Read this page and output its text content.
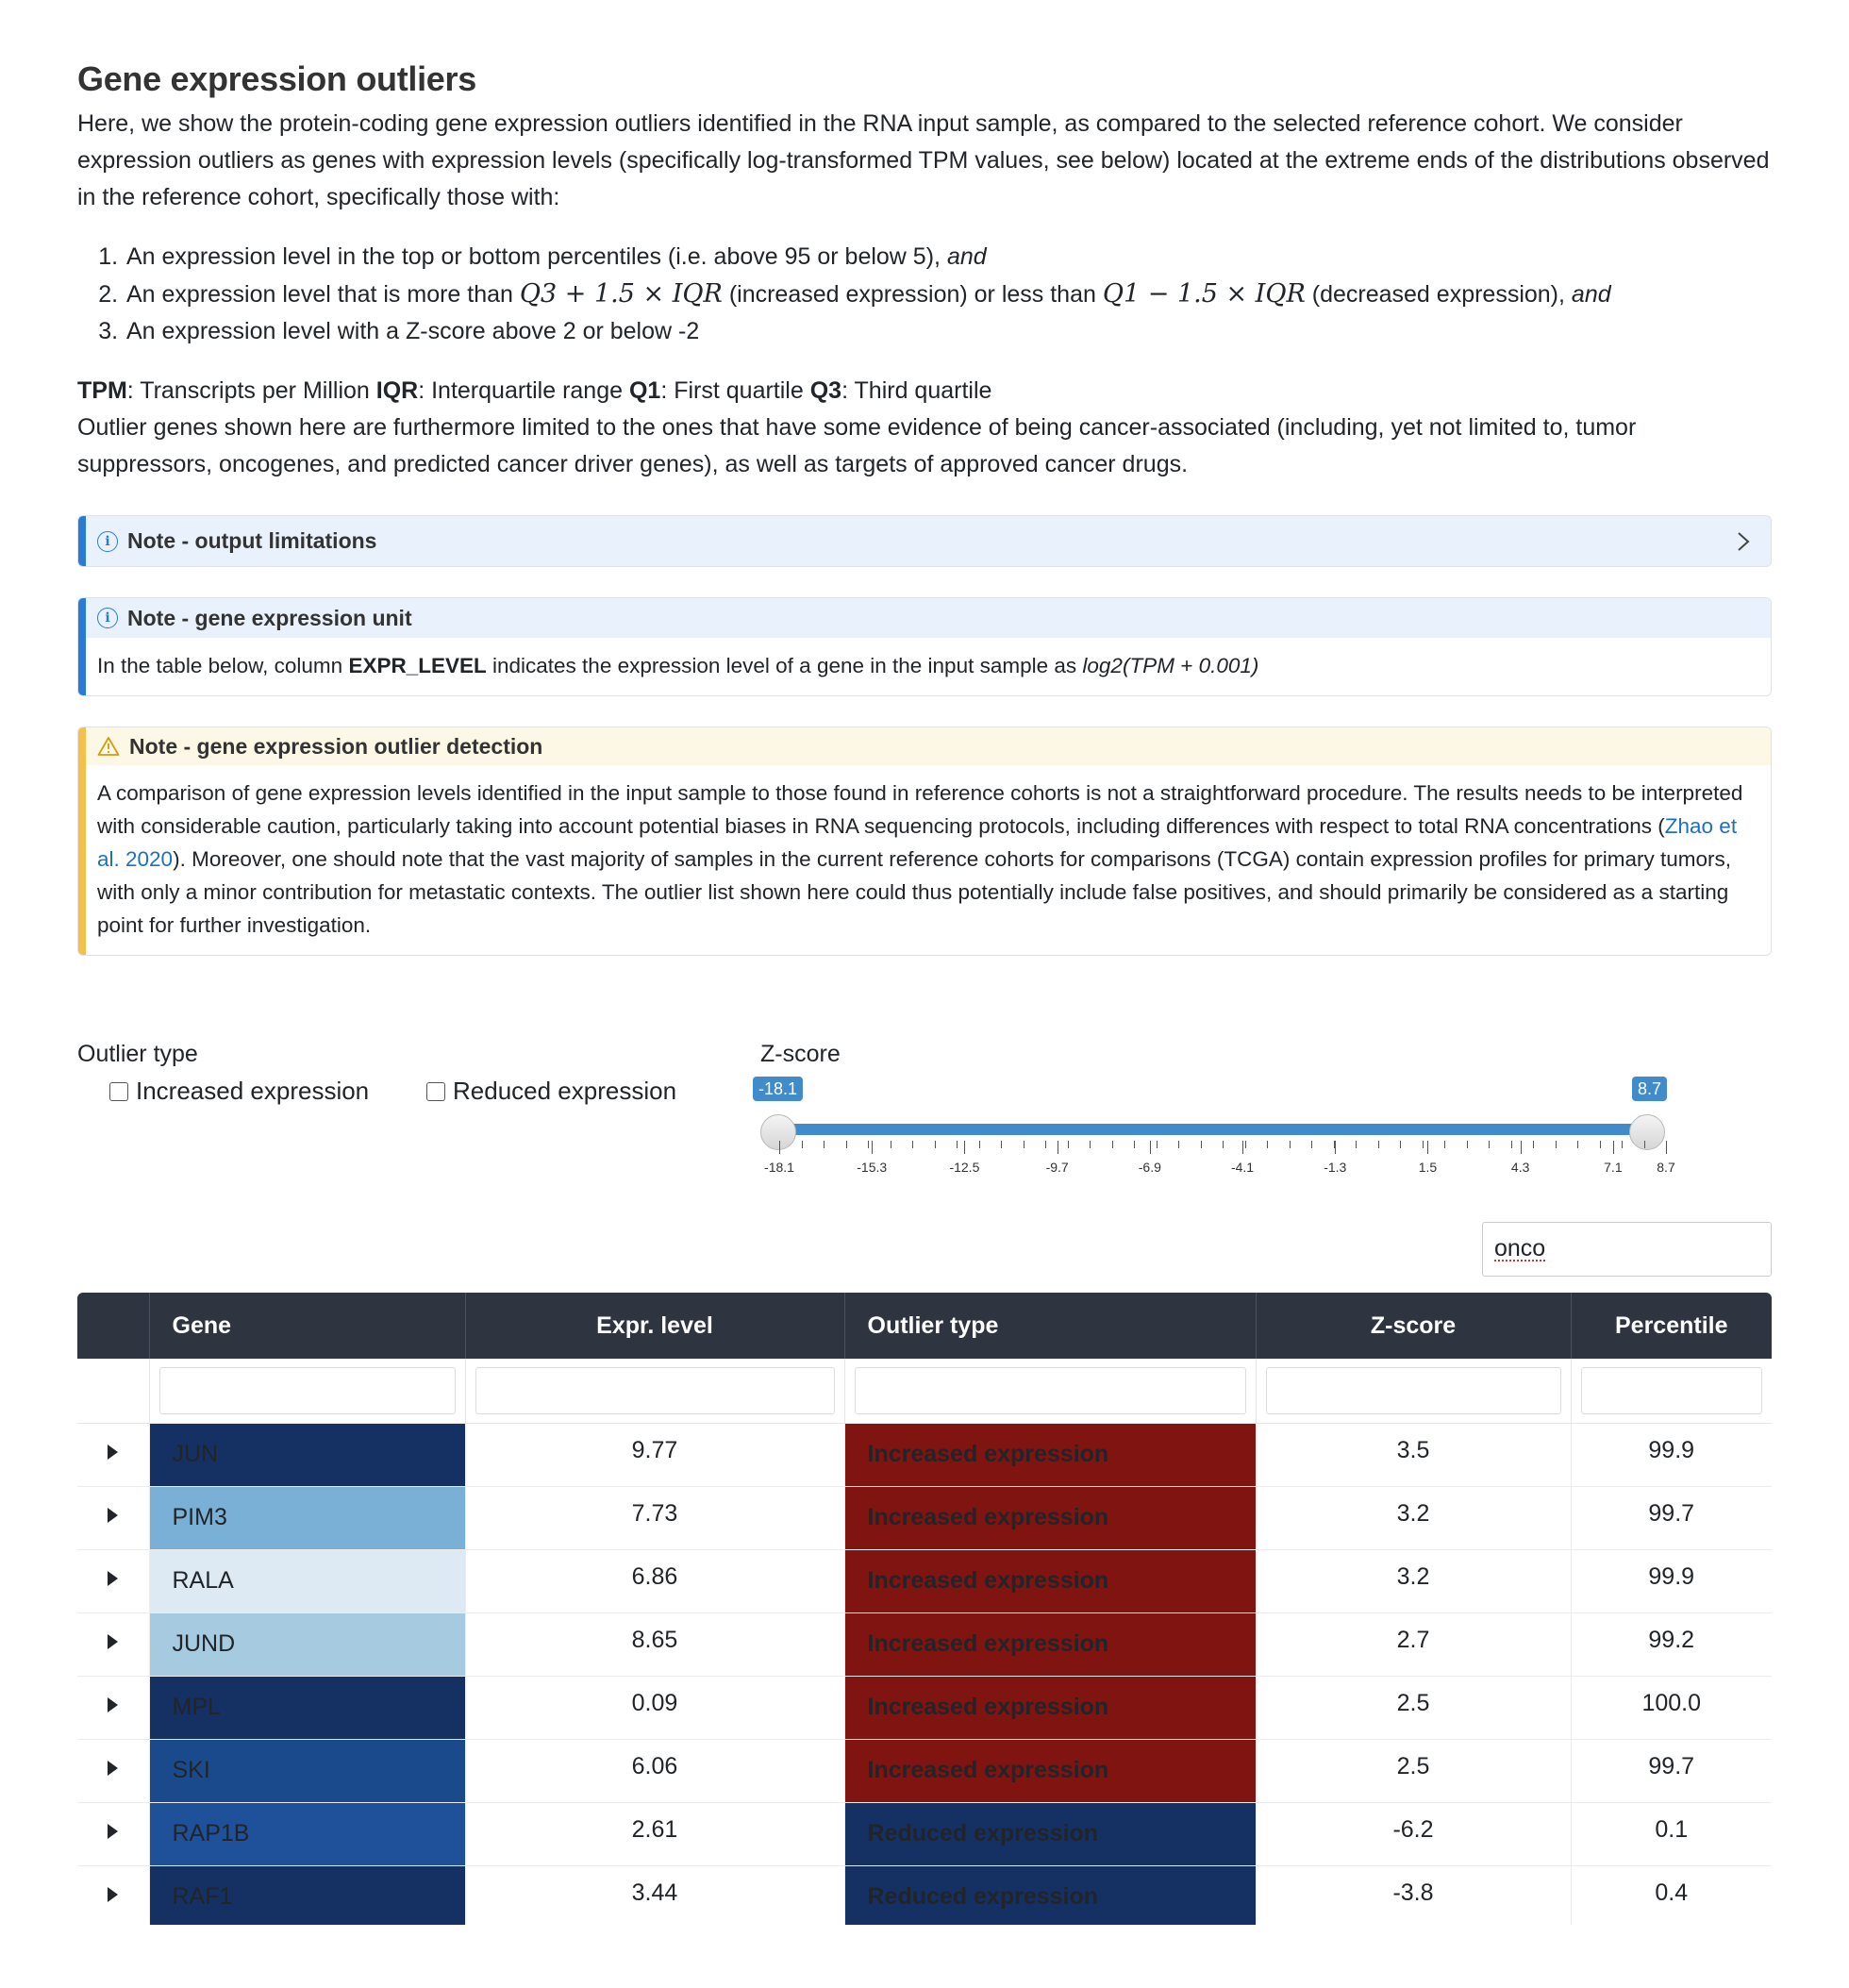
Gene expression outliers

Here, we show the protein-coding gene expression outliers identified in the RNA input sample, as compared to the selected reference cohort. We consider expression outliers as genes with expression levels (specifically log-transformed TPM values, see below) located at the extreme ends of the distributions observed in the reference cohort, specifically those with:

1. An expression level in the top or bottom percentiles (i.e. above 95 or below 5), and
2. An expression level that is more than Q3 + 1.5 × IQR (increased expression) or less than Q1 − 1.5 × IQR (decreased expression), and
3. An expression level with a Z-score above 2 or below -2
TPM: Transcripts per Million IQR: Interquartile range Q1: First quartile Q3: Third quartile

Outlier genes shown here are furthermore limited to the ones that have some evidence of being cancer-associated (including, yet not limited to, tumor suppressors, oncogenes, and predicted cancer driver genes), as well as targets of approved cancer drugs.

i Note - output limitations
i Note - gene expression unit
In the table below, column EXPR_LEVEL indicates the expression level of a gene in the input sample as log2(TPM + 0.001)
Note - gene expression outlier detection
A comparison of gene expression levels identified in the input sample to those found in reference cohorts is not a straightforward procedure. The results needs to be interpreted with considerable caution, particularly taking into account potential biases in RNA sequencing protocols, including differences with respect to total RNA concentrations (Zhao et al. 2020). Moreover, one should note that the vast majority of samples in the current reference cohorts for comparisons (TCGA) contain expression profiles for primary tumors, with only a minor contribution for metastatic contexts. The outlier list shown here could thus potentially include false positives, and should primarily be considered as a starting point for further investigation.
Outlier type
Increased expression	Reduced expression
Z-score
-18.1	8.7
-18.1	-15.3	-12.5	-9.7	-6.9	-4.1	-1.3	1.5	4.3	7.1	8.7
onco
	Gene	Expr. level	Outlier type	Z-score	Percentile

	JUN	9.77	Increased expression	3.5	99.9
	PIM3	7.73	Increased expression	3.2	99.7
	RALA	6.86	Increased expression	3.2	99.9
	JUND	8.65	Increased expression	2.7	99.2
	MPL	0.09	Increased expression	2.5	100.0
	SKI	6.06	Increased expression	2.5	99.7
	RAP1B	2.61	Reduced expression	-6.2	0.1
	RAF1	3.44	Reduced expression	-3.8	0.4
